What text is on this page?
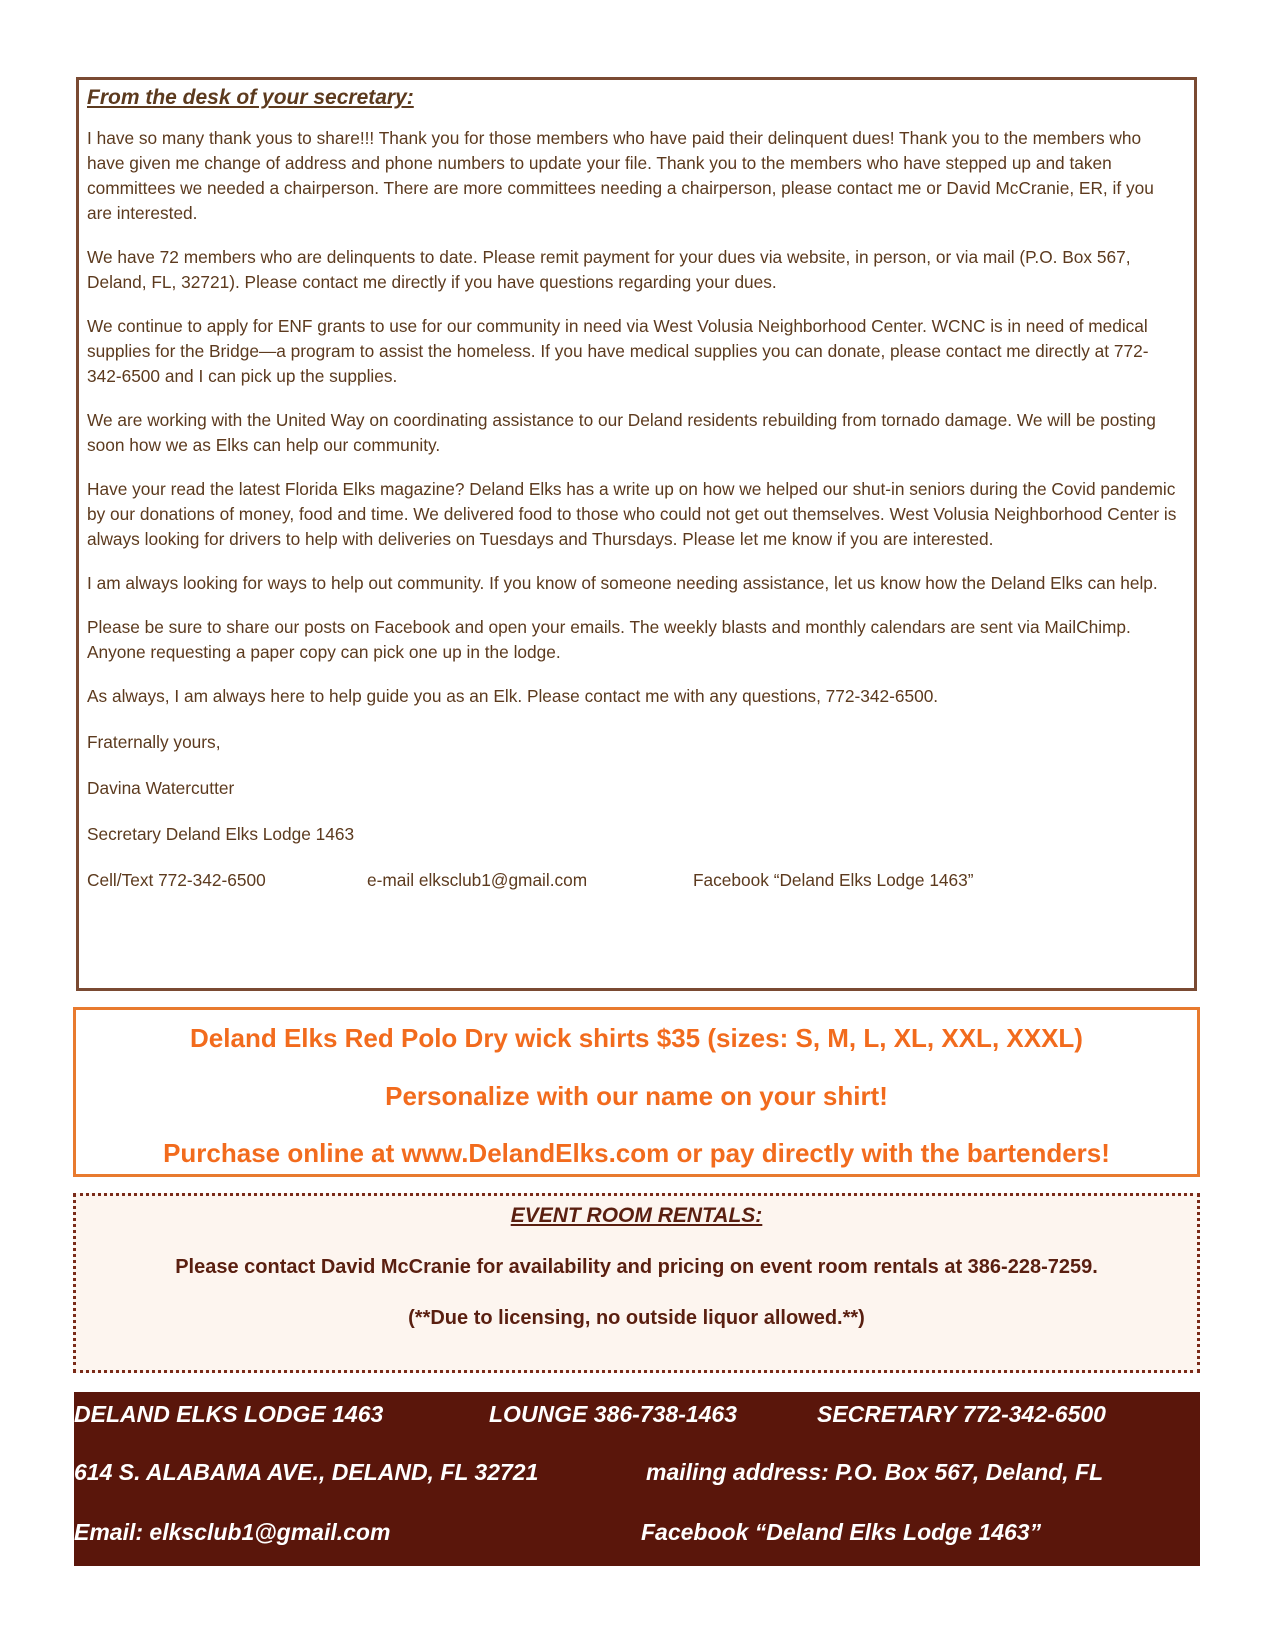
From the desk of your secretary:

I have so many thank yous to share!!! Thank you for those members who have paid their delinquent dues! Thank you to the members who have given me change of address and phone numbers to update your file. Thank you to the members who have stepped up and taken committees we needed a chairperson. There are more committees needing a chairperson, please contact me or David McCranie, ER, if you are interested.

We have 72 members who are delinquents to date. Please remit payment for your dues via website, in person, or via mail (P.O. Box 567, Deland, FL, 32721). Please contact me directly if you have questions regarding your dues.

We continue to apply for ENF grants to use for our community in need via West Volusia Neighborhood Center. WCNC is in need of medical supplies for the Bridge—a program to assist the homeless. If you have medical supplies you can donate, please contact me directly at 772-342-6500 and I can pick up the supplies.

We are working with the United Way on coordinating assistance to our Deland residents rebuilding from tornado damage. We will be posting soon how we as Elks can help our community.

Have your read the latest Florida Elks magazine? Deland Elks has a write up on how we helped our shut-in seniors during the Covid pandemic by our donations of money, food and time. We delivered food to those who could not get out themselves. West Volusia Neighborhood Center is always looking for drivers to help with deliveries on Tuesdays and Thursdays. Please let me know if you are interested.

I am always looking for ways to help out community. If you know of someone needing assistance, let us know how the Deland Elks can help.

Please be sure to share our posts on Facebook and open your emails. The weekly blasts and monthly calendars are sent via MailChimp. Anyone requesting a paper copy can pick one up in the lodge.

As always, I am always here to help guide you as an Elk. Please contact me with any questions, 772-342-6500.

Fraternally yours,

Davina Watercutter

Secretary Deland Elks Lodge 1463

Cell/Text 772-342-6500	e-mail elksclub1@gmail.com	Facebook “Deland Elks Lodge 1463”
Deland Elks Red Polo Dry wick shirts $35 (sizes: S, M, L, XL, XXL, XXXL)
Personalize with our name on your shirt!
Purchase online at www.DelandElks.com or pay directly with the bartenders!
EVENT ROOM RENTALS:
Please contact David McCranie for availability and pricing on event room rentals at 386-228-7259.
(**Due to licensing, no outside liquor allowed.**)
DELAND ELKS LODGE 1463	LOUNGE 386-738-1463	SECRETARY 772-342-6500
614 S. ALABAMA AVE., DELAND, FL 32721	mailing address: P.O. Box 567, Deland, FL
Email: elksclub1@gmail.com	Facebook “Deland Elks Lodge 1463”
